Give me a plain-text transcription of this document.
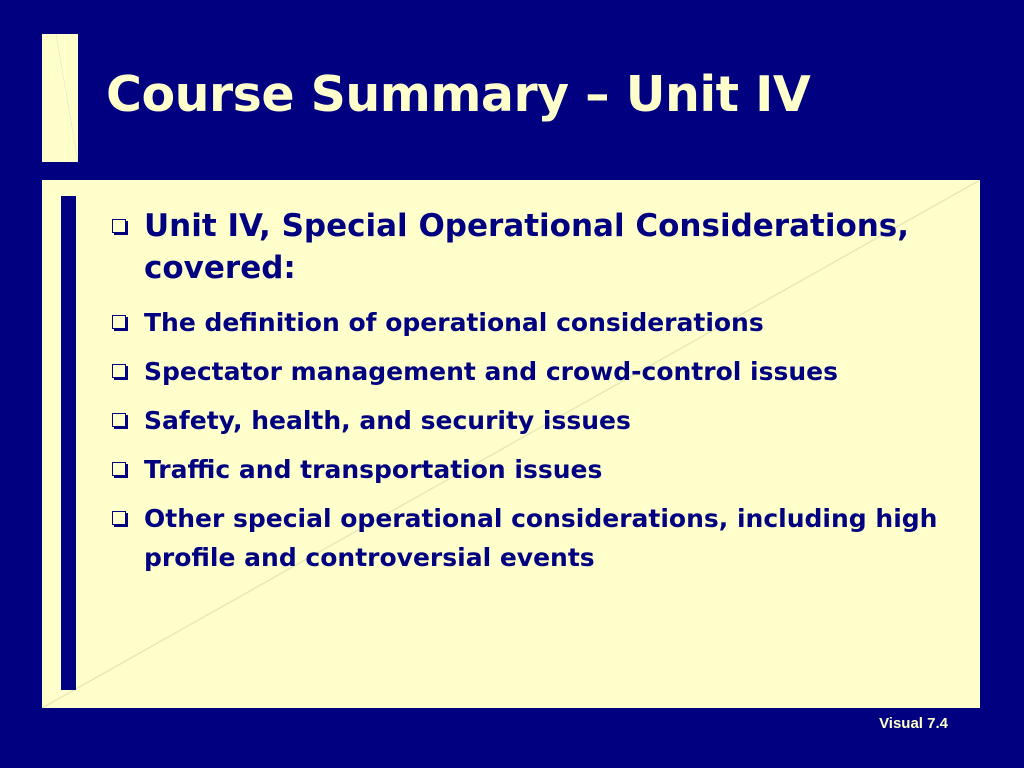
Course Summary – Unit IV
Unit IV, Special Operational Considerations, covered:
The definition of operational considerations
Spectator management and crowd-control issues
Safety, health, and security issues
Traffic and transportation issues
Other special operational considerations, including high profile and controversial events
Visual 7.4
